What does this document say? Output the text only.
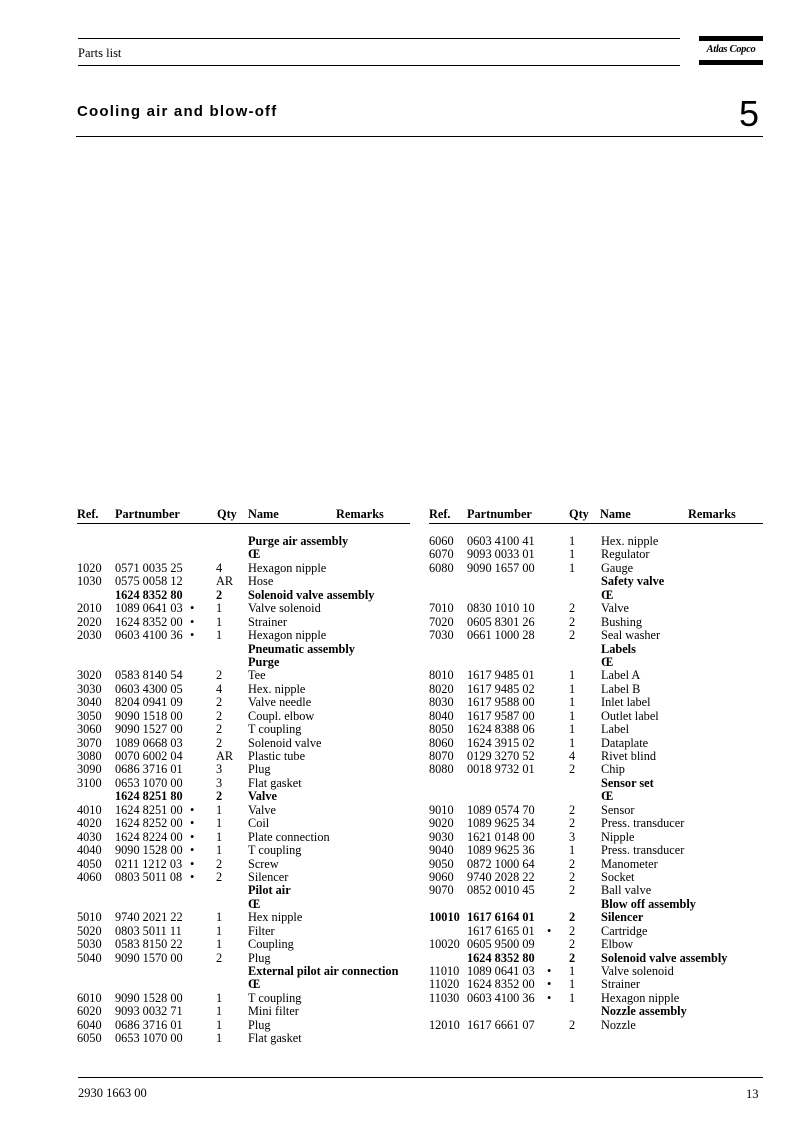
Parts list	Atlas Copco
Cooling air and blow-off	5
Ref. Partnumber	Qty Name	Remarks
Purge air assembly
Œ
1020 0571 0035 25	4 Hexagon nipple
1030 0575 0058 12	AR Hose
1624 8352 80	2 Solenoid valve assembly
2010 1089 0641 03 • 1 Valve solenoid
2020 1624 8352 00 • 1 Strainer
2030 0603 4100 36 • 1 Hexagon nipple
Pneumatic assembly
Purge
3020 0583 8140 54	2 Tee
3030 0603 4300 05	4 Hex. nipple
3040 8204 0941 09	2 Valve needle
3050 9090 1518 00	2 Coupl. elbow
3060 9090 1527 00	2 T coupling
3070 1089 0668 03	2 Solenoid valve
3080 0070 6002 04	AR Plastic tube
3090 0686 3716 01	3 Plug
3100 0653 1070 00	3 Flat gasket
1624 8251 80	2 Valve
4010 1624 8251 00 • 1 Valve
4020 1624 8252 00 • 1 Coil
4030 1624 8224 00 • 1 Plate connection
4040 9090 1528 00 • 1 T coupling
4050 0211 1212 03 • 2 Screw
4060 0803 5011 08 • 2 Silencer
Pilot air
Œ
5010 9740 2021 22	1 Hex nipple
5020 0803 5011 11	1 Filter
5030 0583 8150 22	1 Coupling
5040 9090 1570 00	2 Plug
External pilot air connection
Œ
6010 9090 1528 00	1 T coupling
6020 9093 0032 71	1 Mini filter
6040 0686 3716 01	1 Plug
6050 0653 1070 00	1 Flat gasket
Ref. Partnumber	Qty Name	Remarks
6060 0603 4100 41	1 Hex. nipple
6070 9093 0033 01	1 Regulator
6080 9090 1657 00	1 Gauge
Safety valve
Œ
7010 0830 1010 10	2 Valve
7020 0605 8301 26	2 Bushing
7030 0661 1000 28	2 Seal washer
Labels
Œ
8010 1617 9485 01	1 Label A
8020 1617 9485 02	1 Label B
8030 1617 9588 00	1 Inlet label
8040 1617 9587 00	1 Outlet label
8050 1624 8388 06	1 Label
8060 1624 3915 02	1 Dataplate
8070 0129 3270 52	4 Rivet blind
8080 0018 9732 01	2 Chip
Sensor set
Œ
9010 1089 0574 70	2 Sensor
9020 1089 9625 34	2 Press. transducer
9030 1621 0148 00	3 Nipple
9040 1089 9625 36	1 Press. transducer
9050 0872 1000 64	2 Manometer
9060 9740 2028 22	2 Socket
9070 0852 0010 45	2 Ball valve
Blow off assembly
10010 1617 6164 01	2 Silencer
1617 6165 01 • 2 Cartridge
10020 0605 9500 09	2 Elbow
1624 8352 80	2 Solenoid valve assembly
11010 1089 0641 03 • 1 Valve solenoid
11020 1624 8352 00 • 1 Strainer
11030 0603 4100 36 • 1 Hexagon nipple
Nozzle assembly
12010 1617 6661 07	2 Nozzle
2930 1663 00	13
